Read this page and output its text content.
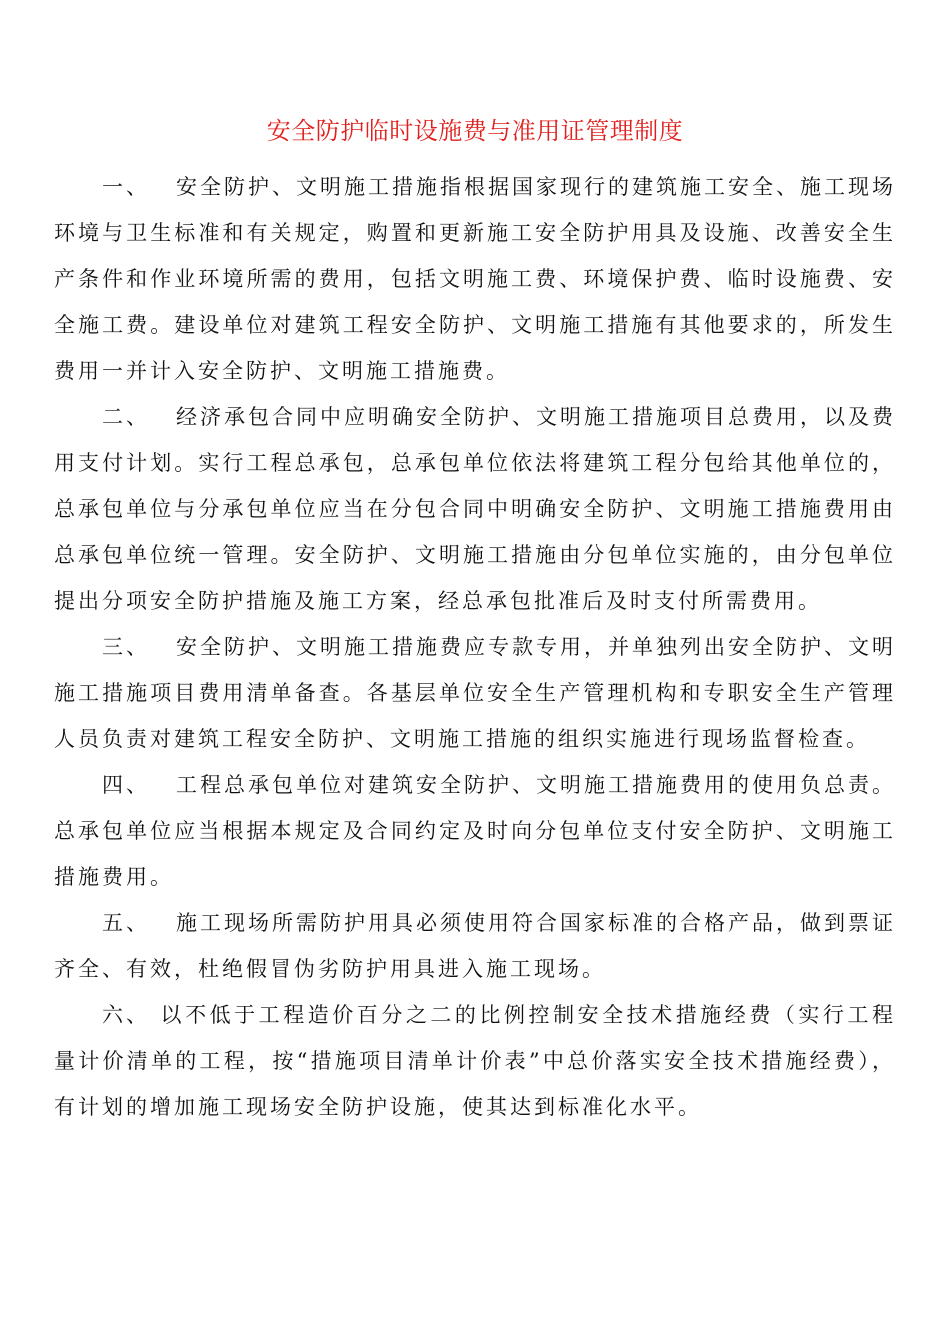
安全防护临时设施费与准用证管理制度

一、 安全防护、文明施工措施指根据国家现行的建筑施工安全、施工现场环境与卫生标准和有关规定，购置和更新施工安全防护用具及设施、改善安全生产条件和作业环境所需的费用，包括文明施工费、环境保护费、临时设施费、安全施工费。建设单位对建筑工程安全防护、文明施工措施有其他要求的，所发生费用一并计入安全防护、文明施工措施费。

二、 经济承包合同中应明确安全防护、文明施工措施项目总费用，以及费用支付计划。实行工程总承包，总承包单位依法将建筑工程分包给其他单位的，总承包单位与分承包单位应当在分包合同中明确安全防护、文明施工措施费用由总承包单位统一管理。安全防护、文明施工措施由分包单位实施的，由分包单位提出分项安全防护措施及施工方案，经总承包批准后及时支付所需费用。

三、 安全防护、文明施工措施费应专款专用，并单独列出安全防护、文明施工措施项目费用清单备查。各基层单位安全生产管理机构和专职安全生产管理人员负责对建筑工程安全防护、文明施工措施的组织实施进行现场监督检查。

四、 工程总承包单位对建筑安全防护、文明施工措施费用的使用负总责。总承包单位应当根据本规定及合同约定及时向分包单位支付安全防护、文明施工措施费用。

五、 施工现场所需防护用具必须使用符合国家标准的合格产品，做到票证齐全、有效，杜绝假冒伪劣防护用具进入施工现场。

六、 以不低于工程造价百分之二的比例控制安全技术措施经费（实行工程量计价清单的工程，按“措施项目清单计价表”中总价落实安全技术措施经费），有计划的增加施工现场安全防护设施，使其达到标准化水平。
